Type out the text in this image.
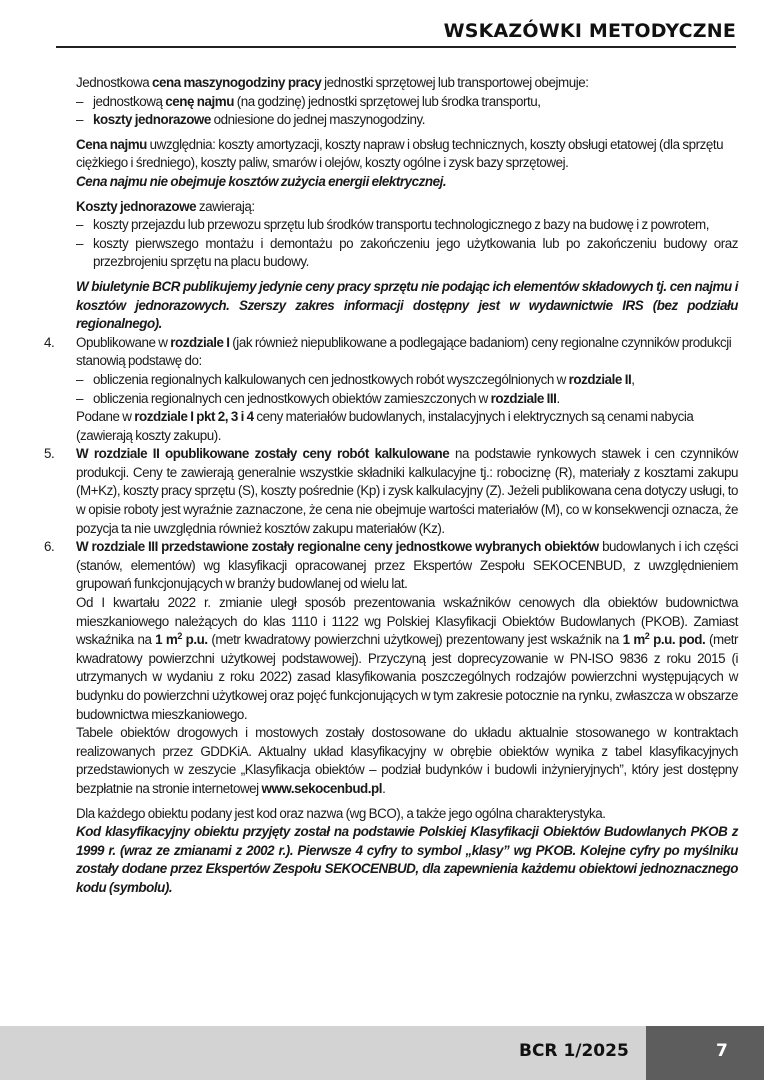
WSKAZÓWKI METODYCZNE

Jednostkowa cena maszynogodziny pracy jednostki sprzętowej lub transportowej obejmuje:

– jednostkową cenę najmu (na godzinę) jednostki sprzętowej lub środka transportu,
– koszty jednorazowe odniesione do jednej maszynogodziny.

Cena najmu uwzględnia: koszty amortyzacji, koszty napraw i obsług technicznych, koszty obsługi etatowej (dla sprzętu ciężkiego i średniego), koszty paliw, smarów i olejów, koszty ogólne i zysk bazy sprzętowej.

Cena najmu nie obejmuje kosztów zużycia energii elektrycznej.

Koszty jednorazowe zawierają:

– koszty przejazdu lub przewozu sprzętu lub środków transportu technologicznego z bazy na budowę i z powrotem,
– koszty pierwszego montażu i demontażu po zakończeniu jego użytkowania lub po zakończeniu budowy oraz przezbrojeniu sprzętu na placu budowy.

W biuletynie BCR publikujemy jedynie ceny pracy sprzętu nie podając ich elementów składowych tj. cen najmu i kosztów jednorazowych. Szerszy zakres informacji dostępny jest w wydawnictwie IRS (bez podziału regionalnego).

4.	Opublikowane w rozdziale I (jak również niepublikowane a podlegające badaniom) ceny regionalne czynników produkcji stanowią podstawę do:

– obliczenia regionalnych kalkulowanych cen jednostkowych robót wyszczególnionych w rozdziale II,
– obliczenia regionalnych cen jednostkowych obiektów zamieszczonych w rozdziale III.

Podane w rozdziale I pkt 2, 3 i 4 ceny materiałów budowlanych, instalacyjnych i elektrycznych są cenami nabycia (zawierają koszty zakupu).

5.	W rozdziale II opublikowane zostały ceny robót kalkulowane na podstawie rynkowych stawek i cen czynników produkcji. Ceny te zawierają generalnie wszystkie składniki kalkulacyjne tj.: robociznę (R), materiały z kosztami zakupu (M+Kz), koszty pracy sprzętu (S), koszty pośrednie (Kp) i zysk kalkulacyjny (Z). Jeżeli publikowana cena dotyczy usługi, to w opisie roboty jest wyraźnie zaznaczone, że cena nie obejmuje wartości materiałów (M), co w konsekwencji oznacza, że pozycja ta nie uwzględnia również kosztów zakupu materiałów (Kz).

6.	W rozdziale III przedstawione zostały regionalne ceny jednostkowe wybranych obiektów budowlanych i ich części (stanów, elementów) wg klasyfikacji opracowanej przez Ekspertów Zespołu SEKOCENBUD, z uwzględnieniem grupowań funkcjonujących w branży budowlanej od wielu lat.

Od I kwartału 2022 r. zmianie uległ sposób prezentowania wskaźników cenowych dla obiektów budownictwa mieszkaniowego należących do klas 1110 i 1122 wg Polskiej Klasyfikacji Obiektów Budowlanych (PKOB). Zamiast wskaźnika na 1 $m^2$ p.u. (metr kwadratowy powierzchni użytkowej) prezentowany jest wskaźnik na 1 $m^2$ p.u. pod. (metr kwadratowy powierzchni użytkowej podstawowej). Przyczyną jest doprecyzowanie w PN-ISO 9836 z roku 2015 (i utrzymanych w wydaniu z roku 2022) zasad klasyfikowania poszczególnych rodzajów powierzchni występujących w budynku do powierzchni użytkowej oraz pojęć funkcjonujących w tym zakresie potocznie na rynku, zwłaszcza w obszarze budownictwa mieszkaniowego.

Tabele obiektów drogowych i mostowych zostały dostosowane do układu aktualnie stosowanego w kontraktach realizowanych przez GDDKiA. Aktualny układ klasyfikacyjny w obrębie obiektów wynika z tabel klasyfikacyjnych przedstawionych w zeszycie „Klasyfikacja obiektów – podział budynków i budowli inżynieryjnych”, który jest dostępny bezpłatnie na stronie internetowej www.sekocenbud.pl.

Dla każdego obiektu podany jest kod oraz nazwa (wg BCO), a także jego ogólna charakterystyka.

Kod klasyfikacyjny obiektu przyjęty został na podstawie Polskiej Klasyfikacji Obiektów Budowlanych PKOB z 1999 r. (wraz ze zmianami z 2002 r.). Pierwsze 4 cyfry to symbol „klasy” wg PKOB. Kolejne cyfry po myślniku zostały dodane przez Ekspertów Zespołu SEKOCENBUD, dla zapewnienia każdemu obiektowi jednoznacznego kodu (symbolu).

BCR 1/2025	7
